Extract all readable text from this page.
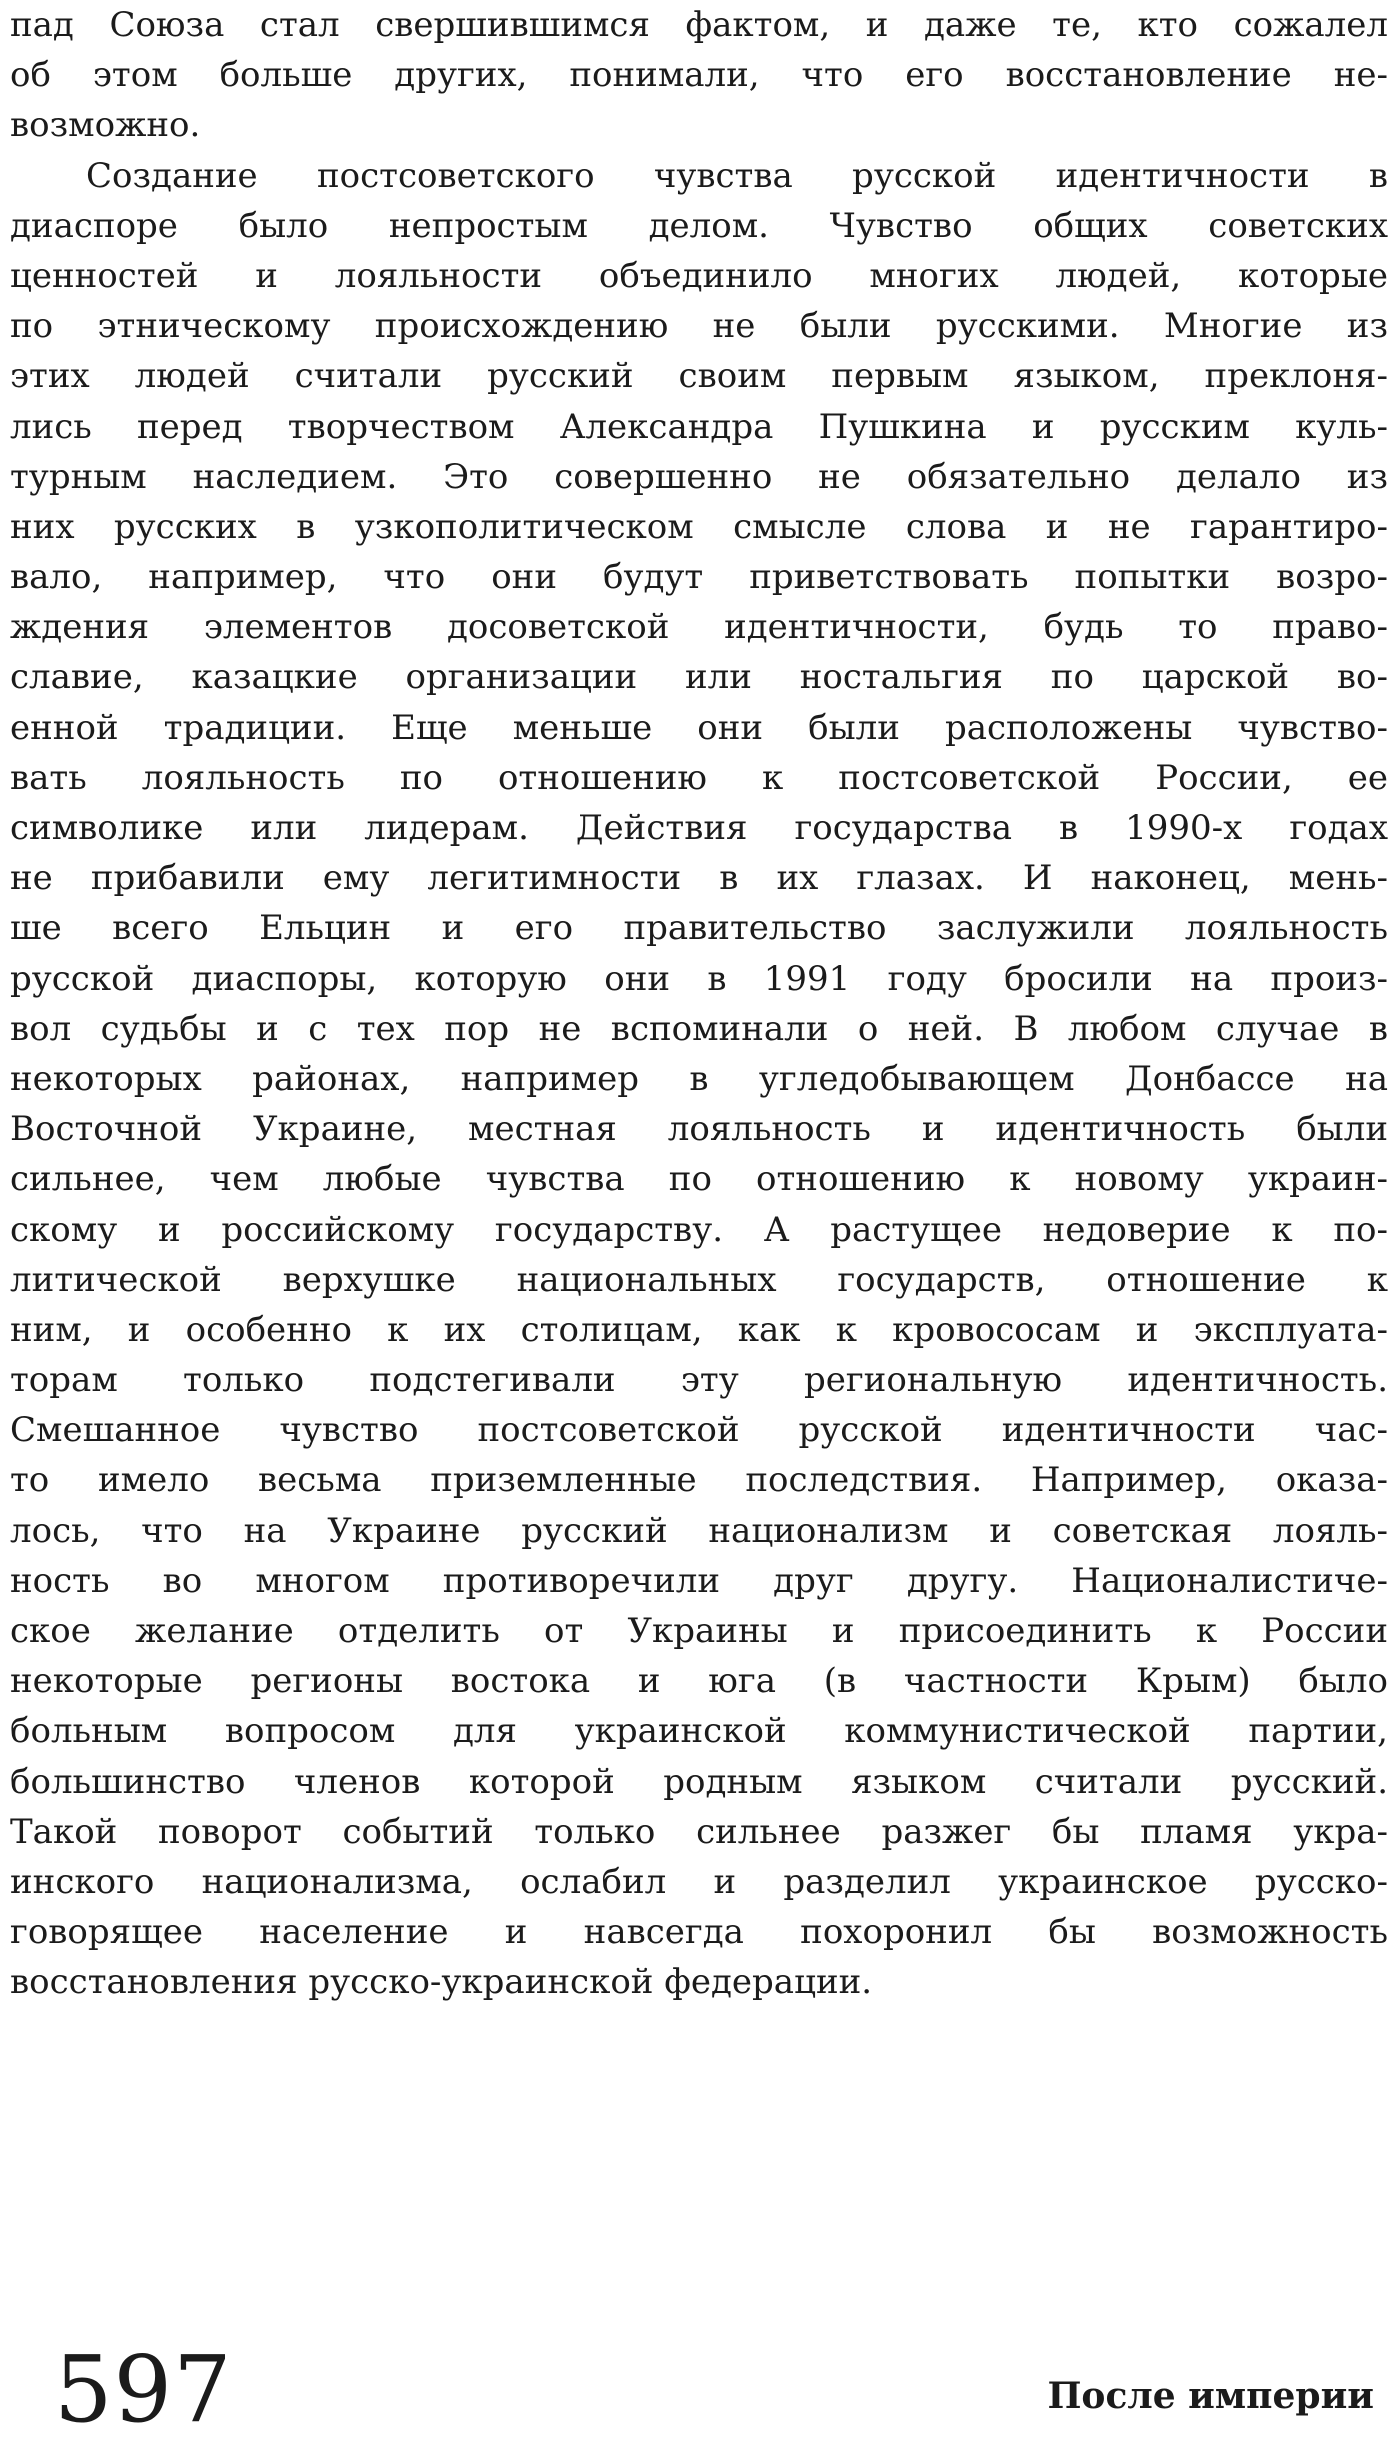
пад Союза стал свершившимся фактом, и даже те, кто сожалел
об этом больше других, понимали, что его восстановление не-
возможно.
Создание постсоветского чувства русской идентичности в
диаспоре было непростым делом. Чувство общих советских
ценностей и лояльности объединило многих людей, которые
по этническому происхождению не были русскими. Многие из
этих людей считали русский своим первым языком, преклоня-
лись перед творчеством Александра Пушкина и русским куль-
турным наследием. Это совершенно не обязательно делало из
них русских в узкополитическом смысле слова и не гарантиро-
вало, например, что они будут приветствовать попытки возро-
ждения элементов досоветской идентичности, будь то право-
славие, казацкие организации или ностальгия по царской во-
енной традиции. Еще меньше они были расположены чувство-
вать лояльность по отношению к постсоветской России, ее
символике или лидерам. Действия государства в 1990-х годах
не прибавили ему легитимности в их глазах. И наконец, мень-
ше всего Ельцин и его правительство заслужили лояльность
русской диаспоры, которую они в 1991 году бросили на произ-
вол судьбы и с тех пор не вспоминали о ней. В любом случае в
некоторых районах, например в угледобывающем Донбассе на
Восточной Украине, местная лояльность и идентичность были
сильнее, чем любые чувства по отношению к новому украин-
скому и российскому государству. А растущее недоверие к по-
литической верхушке национальных государств, отношение к
ним, и особенно к их столицам, как к кровососам и эксплуата-
торам только подстегивали эту региональную идентичность.
Смешанное чувство постсоветской русской идентичности час-
то имело весьма приземленные последствия. Например, оказа-
лось, что на Украине русский национализм и советская лояль-
ность во многом противоречили друг другу. Националистиче-
ское желание отделить от Украины и присоединить к России
некоторые регионы востока и юга (в частности Крым) было
больным вопросом для украинской коммунистической партии,
большинство членов которой родным языком считали русский.
Такой поворот событий только сильнее разжег бы пламя укра-
инского национализма, ослабил и разделил украинское русско-
говорящее население и навсегда похоронил бы возможность
восстановления русско-украинской федерации.
597	После империи
